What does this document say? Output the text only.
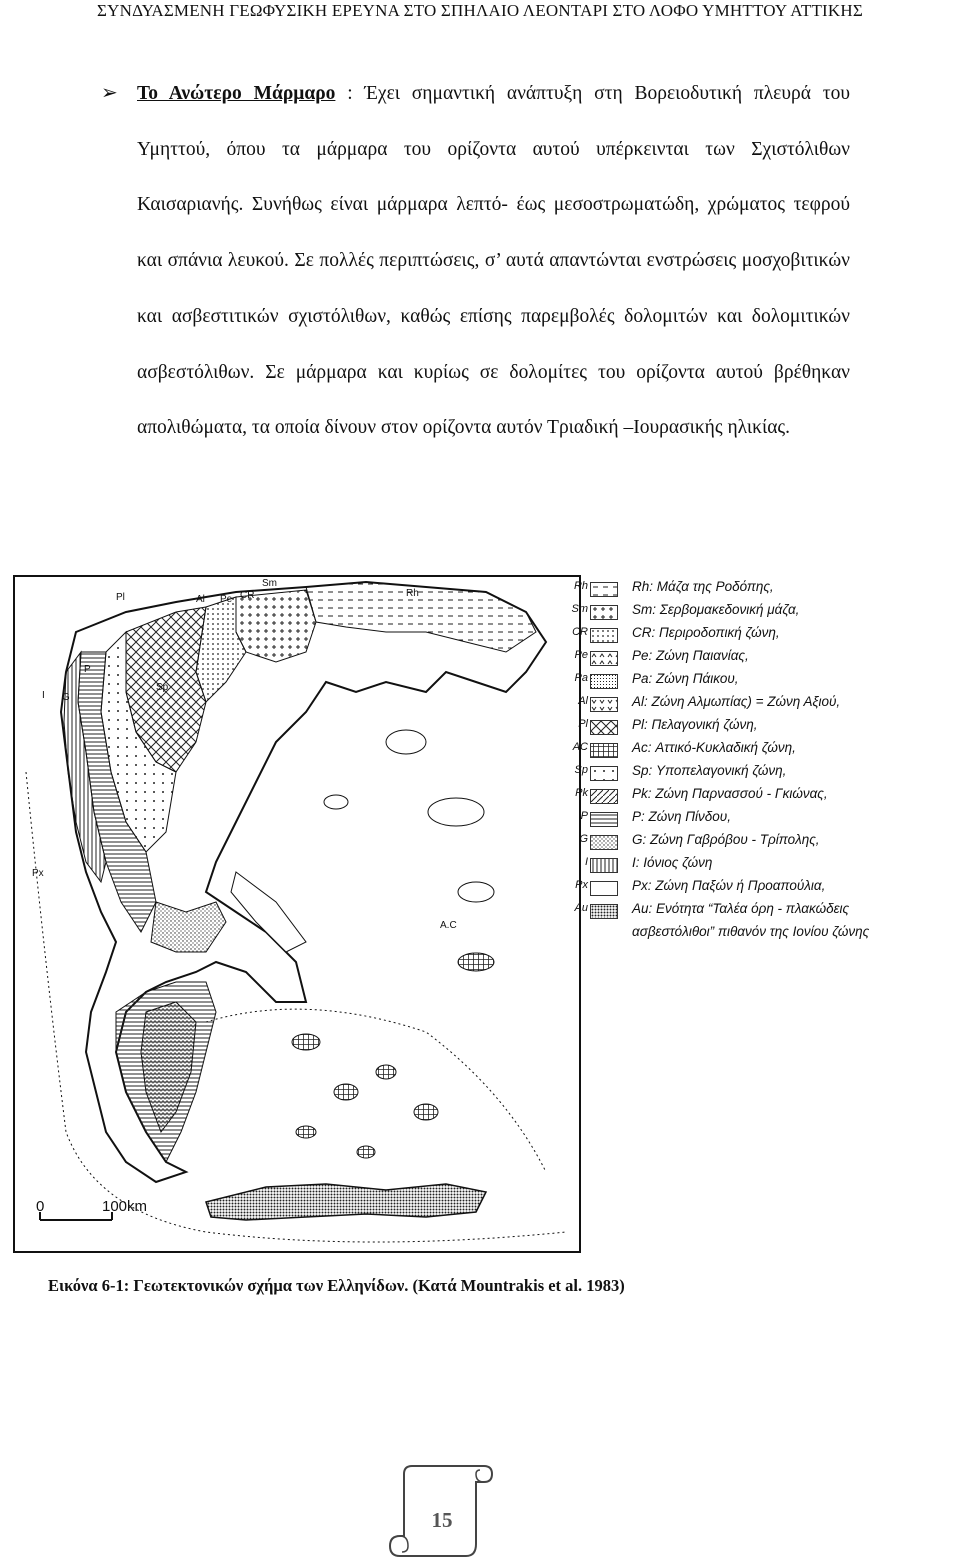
ΣΥΝΔΥΑΣΜΕΝΗ ΓΕΩΦΥΣΙΚΗ ΕΡΕΥΝΑ ΣΤΟ ΣΠΗΛΑΙΟ ΛΕΟΝΤΑΡΙ ΣΤΟ ΛΟΦΟ ΥΜΗΤΤΟΥ ΑΤΤΙΚΗΣ

➢ Το Ανώτερο Μάρμαρο : Έχει σημαντική ανάπτυξη στη Βορειοδυτική πλευρά του Υμηττού, όπου τα μάρμαρα του ορίζοντα αυτού υπέρκεινται των Σχιστόλιθων Καισαριανής. Συνήθως είναι μάρμαρα λεπτό- έως μεσοστρωματώδη, χρώματος τεφρού και σπάνια λευκού. Σε πολλές περιπτώσεις, σ’ αυτά απαντώνται ενστρώσεις μοσχοβιτικών και ασβεστιτικών σχιστόλιθων, καθώς επίσης παρεμβολές δολομιτών και δολομιτικών ασβεστόλιθων. Σε μάρμαρα και κυρίως σε δολομίτες του ορίζοντα αυτού βρέθηκαν απολιθώματα, τα οποία δίνουν στον ορίζοντα αυτόν Τριαδική –Ιουρασικής ηλικίας.

I G
P
Pl	Al Pe CR
Sm
Rh
Px
A.C
Sp
0	100km
Rh	Rh: Μάζα της Ροδόπης,
Sm	Sm: Σερβομακεδονική μάζα,
CR	CR: Περιροδοπική ζώνη,
Pe	Pe: Ζώνη Παιανίας,
Pa	Pa: Ζώνη Πάικου,
Al	Al: Ζώνη Αλμωπίας) = Ζώνη Αξιού,
Pl	Pl: Πελαγονική ζώνη,
AC	Ac: Αττικό-Κυκλαδική ζώνη,
Sp	Sp: Υποπελαγονική ζώνη,
Pk	Pk: Ζώνη Παρνασσού - Γκιώνας,
P	P: Ζώνη Πίνδου,
G	G: Ζώνη Γαβρόβου - Τρίπολης,
I	I: Ιόνιος ζώνη
Px	Px: Ζώνη Παξών ή Προαπούλια,
Au	Au: Ενότητα “Ταλέα όρη - πλακώδεις
ασβεστόλιθοι” πιθανόν της Ιονίου ζώνης
Εικόνα 6-1: Γεωτεκτονικών σχήμα των Ελληνίδων. (Κατά Mountrakis et al. 1983)
15
